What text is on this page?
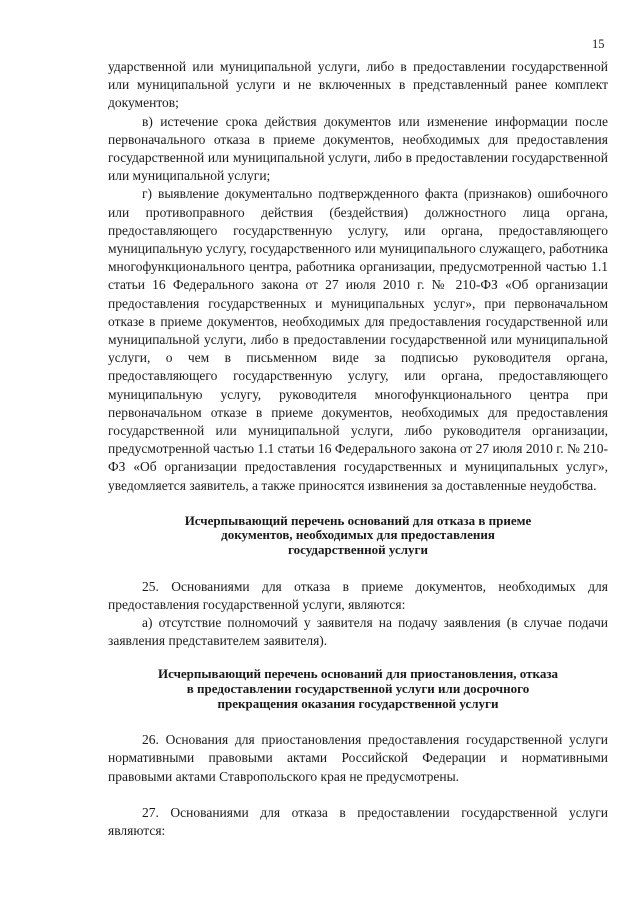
15

ударственной или муниципальной услуги, либо в предоставлении государственной или муниципальной услуги и не включенных в представленный ранее комплект документов;

в) истечение срока действия документов или изменение информации после первоначального отказа в приеме документов, необходимых для предоставления государственной или муниципальной услуги, либо в предоставлении государственной или муниципальной услуги;

г) выявление документально подтвержденного факта (признаков) ошибочного или противоправного действия (бездействия) должностного лица органа, предоставляющего государственную услугу, или органа, предоставляющего муниципальную услугу, государственного или муниципального служащего, работника многофункционального центра, работника организации, предусмотренной частью 1.1 статьи 16 Федерального закона от 27 июля 2010 г. № 210-ФЗ «Об организации предоставления государственных и муниципальных услуг», при первоначальном отказе в приеме документов, необходимых для предоставления государственной или муниципальной услуги, либо в предоставлении государственной или муниципальной услуги, о чем в письменном виде за подписью руководителя органа, предоставляющего государственную услугу, или органа, предоставляющего муниципальную услугу, руководителя многофункционального центра при первоначальном отказе в приеме документов, необходимых для предоставления государственной или муниципальной услуги, либо руководителя организации, предусмотренной частью 1.1 статьи 16 Федерального закона от 27 июля 2010 г. № 210-ФЗ «Об организации предоставления государственных и муниципальных услуг», уведомляется заявитель, а также приносятся извинения за доставленные неудобства.

Исчерпывающий перечень оснований для отказа в приеме
документов, необходимых для предоставления
государственной услуги

25. Основаниями для отказа в приеме документов, необходимых для предоставления государственной услуги, являются:

а) отсутствие полномочий у заявителя на подачу заявления (в случае подачи заявления представителем заявителя).

Исчерпывающий перечень оснований для приостановления, отказа
в предоставлении государственной услуги или досрочного
прекращения оказания государственной услуги

26. Основания для приостановления предоставления государственной услуги нормативными правовыми актами Российской Федерации и нормативными правовыми актами Ставропольского края не предусмотрены.

27. Основаниями для отказа в предоставлении государственной услуги являются:
